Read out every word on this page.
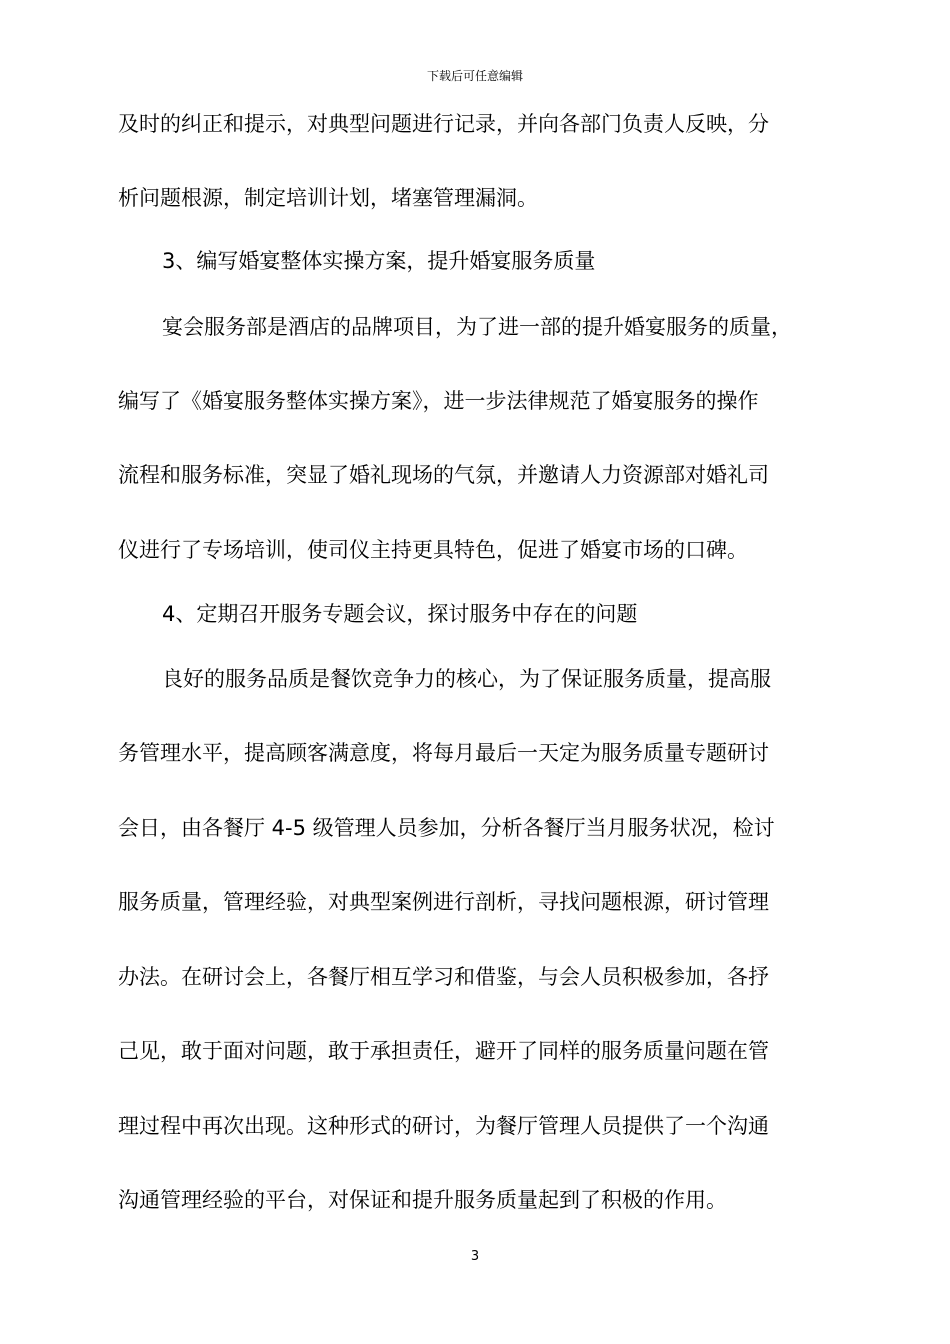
下载后可任意编辑
及时的纠正和提示，对典型问题进行记录，并向各部门负责人反映，分
析问题根源，制定培训计划，堵塞管理漏洞。
3、编写婚宴整体实操方案，提升婚宴服务质量
宴会服务部是酒店的品牌项目，为了进一部的提升婚宴服务的质量，
编写了《婚宴服务整体实操方案》，进一步法律规范了婚宴服务的操作
流程和服务标准，突显了婚礼现场的气氛，并邀请人力资源部对婚礼司
仪进行了专场培训，使司仪主持更具特色，促进了婚宴市场的口碑。
4、定期召开服务专题会议，探讨服务中存在的问题
良好的服务品质是餐饮竞争力的核心，为了保证服务质量，提高服
务管理水平，提高顾客满意度，将每月最后一天定为服务质量专题研讨
会日，由各餐厅 4-5 级管理人员参加，分析各餐厅当月服务状况，检讨
服务质量，管理经验，对典型案例进行剖析，寻找问题根源，研讨管理
办法。在研讨会上，各餐厅相互学习和借鉴，与会人员积极参加，各抒
己见，敢于面对问题，敢于承担责任，避开了同样的服务质量问题在管
理过程中再次出现。这种形式的研讨，为餐厅管理人员提供了一个沟通
沟通管理经验的平台，对保证和提升服务质量起到了积极的作用。
3
